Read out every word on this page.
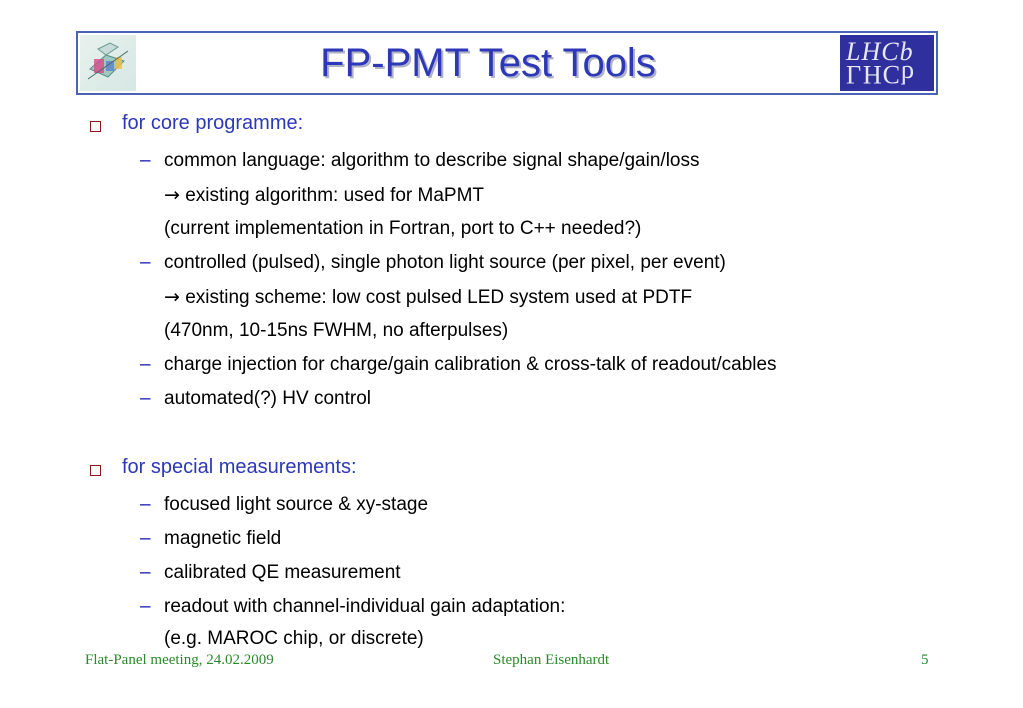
FP-PMT Test Tools	LHCb
LHCb
for core programme:
– common language: algorithm to describe signal shape/gain/loss
→ existing algorithm: used for MaPMT
(current implementation in Fortran, port to C++ needed?)
– controlled (pulsed), single photon light source (per pixel, per event)
→ existing scheme: low cost pulsed LED system used at PDTF
(470nm, 10-15ns FWHM, no afterpulses)
– charge injection for charge/gain calibration & cross-talk of readout/cables
– automated(?) HV control
for special measurements:
– focused light source & xy-stage
– magnetic field
– calibrated QE measurement
– readout with channel-individual gain adaptation:
(e.g. MAROC chip, or discrete)
Flat-Panel meeting, 24.02.2009	Stephan Eisenhardt	5
